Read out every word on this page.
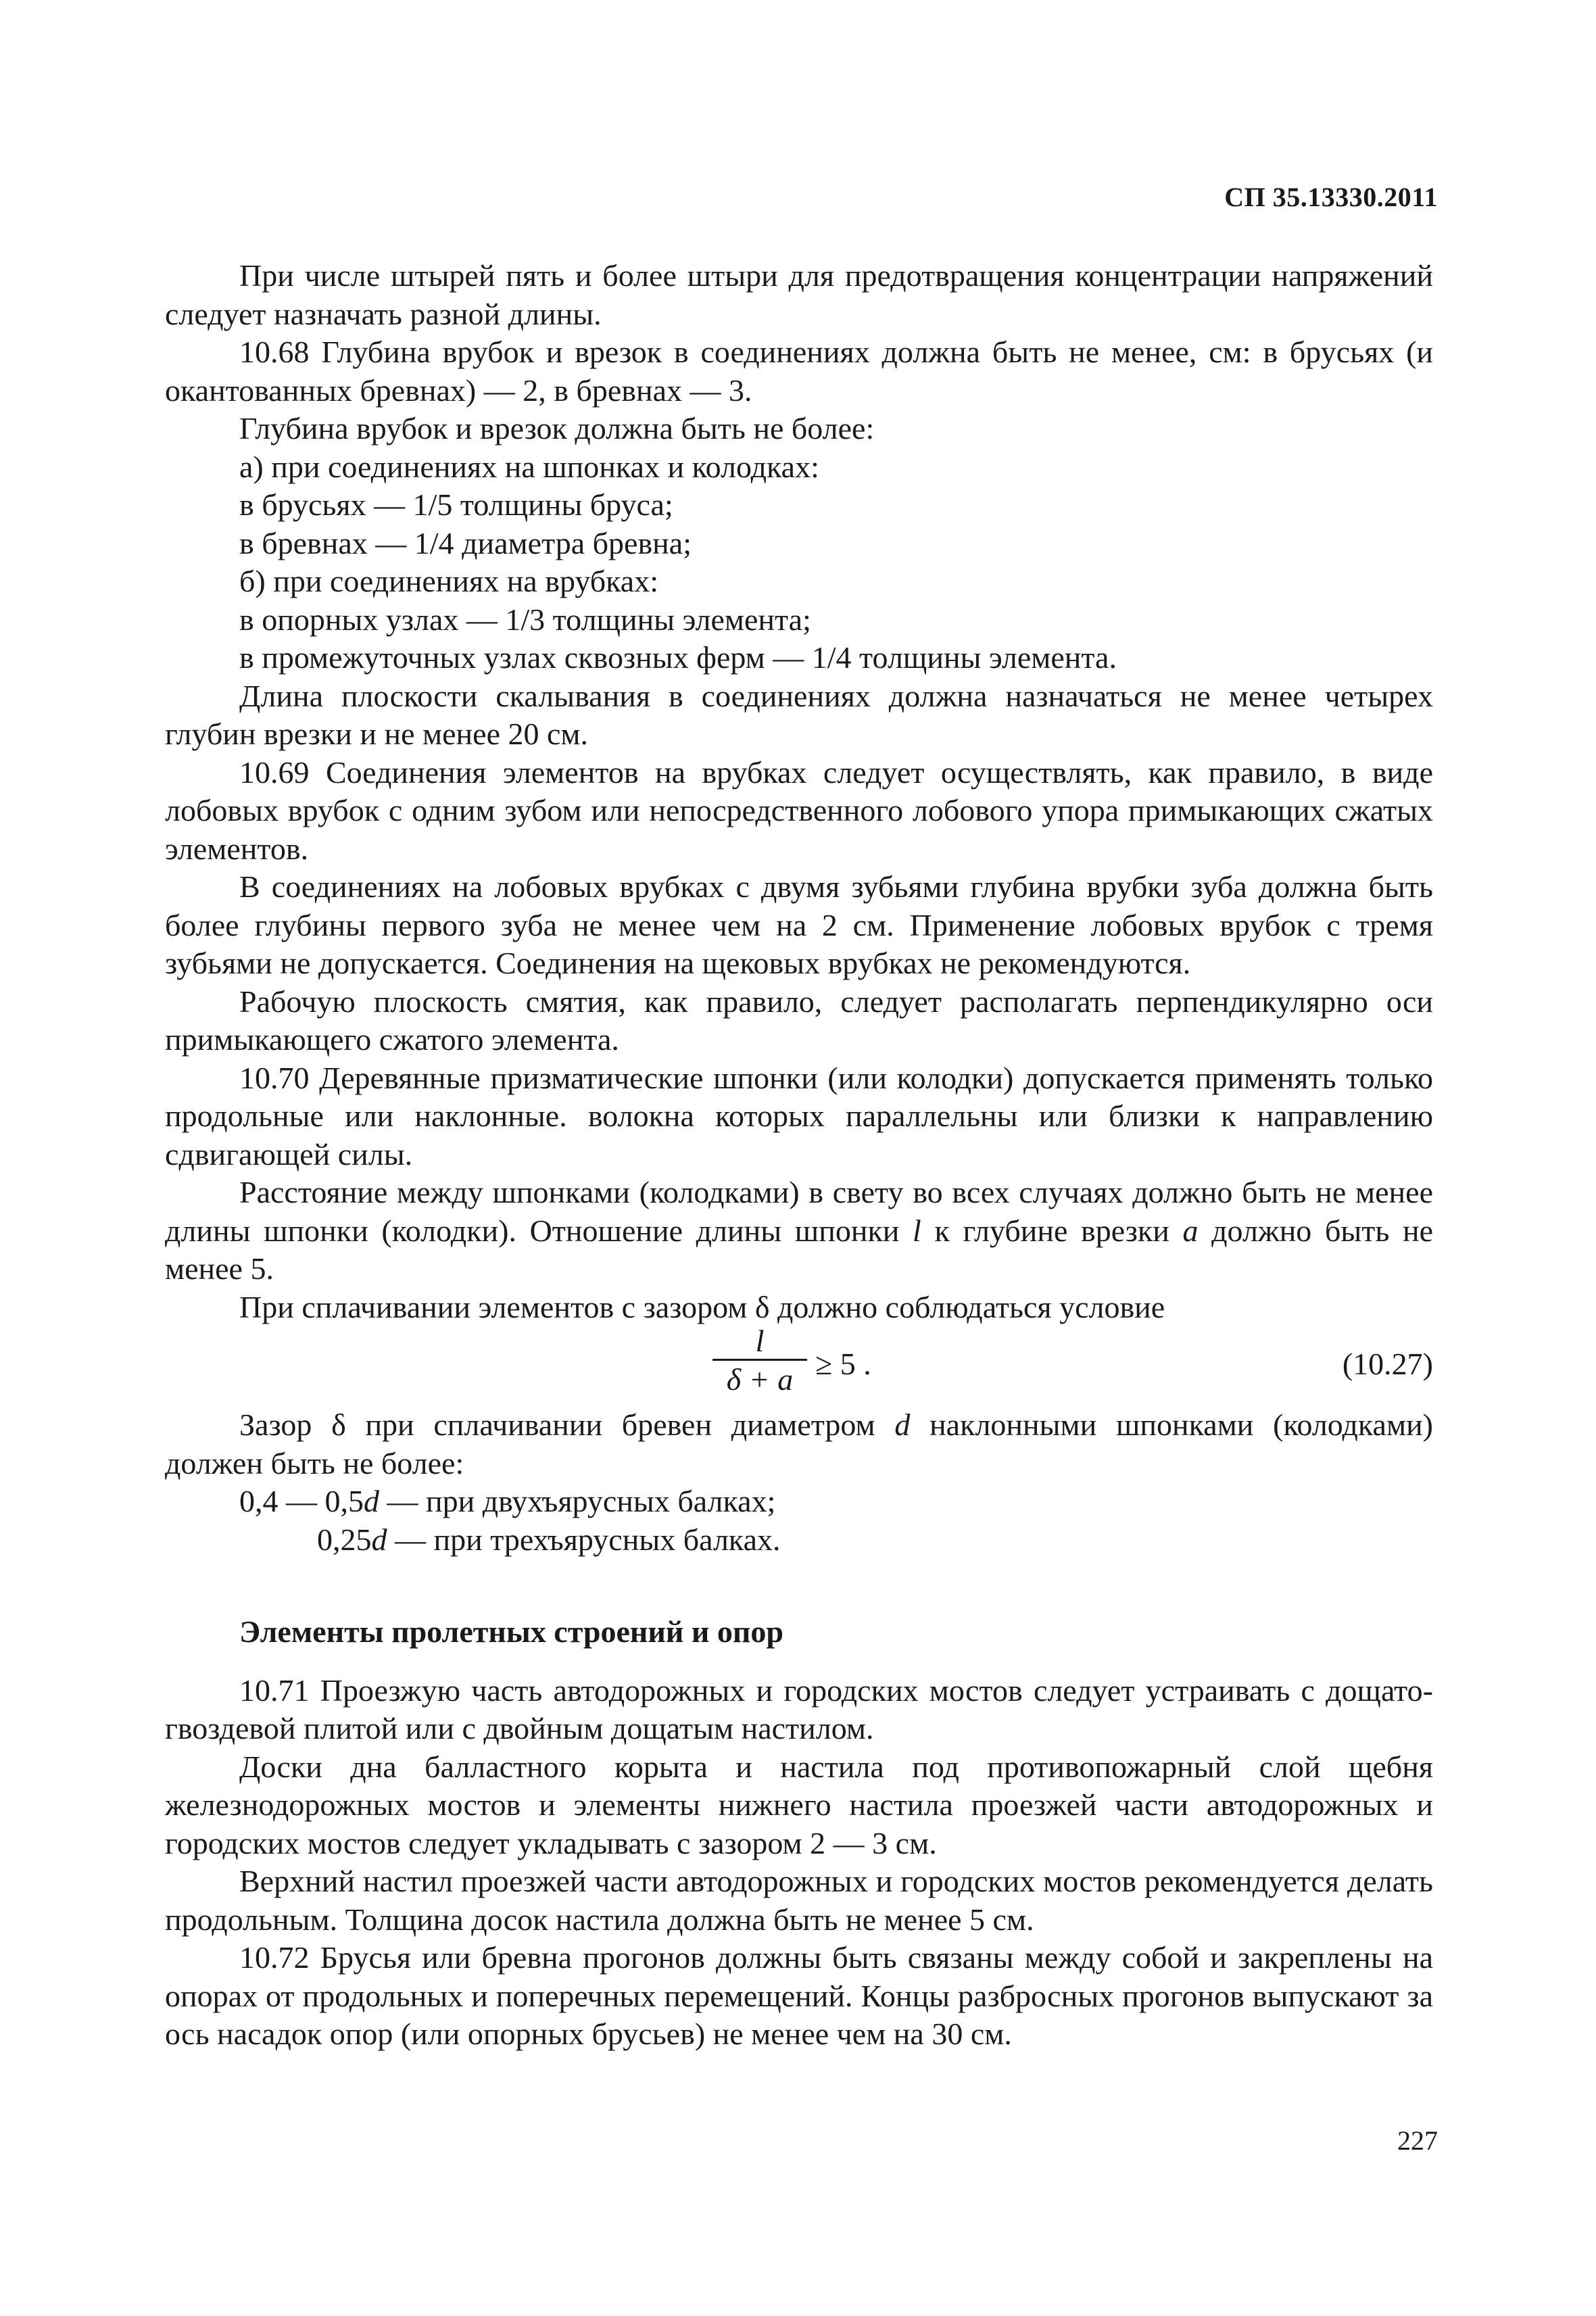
СП 35.13330.2011

При числе штырей пять и более штыри для предотвращения концентрации напряжений следует назначать разной длины.

10.68 Глубина врубок и врезок в соединениях должна быть не менее, см: в брусьях (и окантованных бревнах) — 2, в бревнах — 3.

Глубина врубок и врезок должна быть не более:

а) при соединениях на шпонках и колодках:

в брусьях — 1/5 толщины бруса;

в бревнах — 1/4 диаметра бревна;

б) при соединениях на врубках:

в опорных узлах — 1/3 толщины элемента;

в промежуточных узлах сквозных ферм — 1/4 толщины элемента.

Длина плоскости скалывания в соединениях должна назначаться не менее четырех глубин врезки и не менее 20 см.

10.69 Соединения элементов на врубках следует осуществлять, как правило, в виде лобовых врубок с одним зубом или непосредственного лобового упора примыкающих сжатых элементов.

В соединениях на лобовых врубках с двумя зубьями глубина врубки зуба должна быть более глубины первого зуба не менее чем на 2 см. Применение лобовых врубок с тремя зубьями не допускается. Соединения на щековых врубках не рекомендуются.

Рабочую плоскость смятия, как правило, следует располагать перпендикулярно оси примыкающего сжатого элемента.

10.70 Деревянные призматические шпонки (или колодки) допускается применять только продольные или наклонные. волокна которых параллельны или близки к направлению сдвигающей силы.

Расстояние между шпонками (колодками) в свету во всех случаях должно быть не менее длины шпонки (колодки). Отношение длины шпонки l к глубине врезки a должно быть не менее 5.

При сплачивании элементов с зазором δ должно соблюдаться условие

$\frac{l}{\delta + a} \ge 5$ .	(10.27)

Зазор δ при сплачивании бревен диаметром d наклонными шпонками (колодками) должен быть не более:

0,4 — 0,5d — при двухъярусных балках;

0,25d — при трехъярусных балках.

Элементы пролетных строений и опор

10.71 Проезжую часть автодорожных и городских мостов следует устраивать с дощато-гвоздевой плитой или с двойным дощатым настилом.

Доски дна балластного корыта и настила под противопожарный слой щебня железнодорожных мостов и элементы нижнего настила проезжей части автодорожных и городских мостов следует укладывать с зазором 2 — 3 см.

Верхний настил проезжей части автодорожных и городских мостов рекомендуется делать продольным. Толщина досок настила должна быть не менее 5 см.

10.72 Брусья или бревна прогонов должны быть связаны между собой и закреплены на опорах от продольных и поперечных перемещений. Концы разбросных прогонов выпускают за ось насадок опор (или опорных брусьев) не менее чем на 30 см.

227
